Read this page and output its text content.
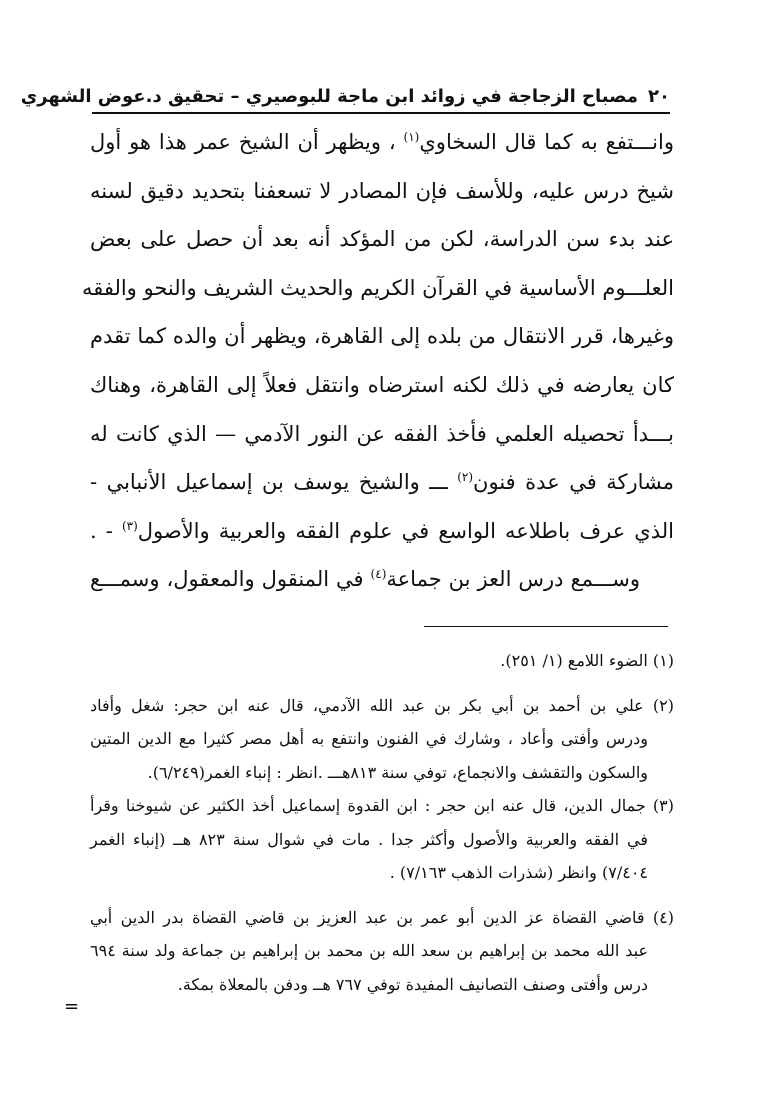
٢٠مصباح الزجاجة في زوائد ابن ماجة للبوصيري – تحقيق د.عوض الشهري
وانـــتفع به كما قال السخاوي$^{(١)}$ ، ويظهر أن الشيخ عمر هذا هو أول
شيخ درس عليه، وللأسف فإن المصادر لا تسعفنا بتحديد دقيق لسنه
عند بدء سن الدراسة، لكن من المؤكد أنه بعد أن حصل على بعض
العلـــوم الأساسية في القرآن الكريم والحديث الشريف والنحو والفقه
وغيرها، قرر الانتقال من بلده إلى القاهرة، ويظهر أن والده كما تقدم
كان يعارضه في ذلك لكنه استرضاه وانتقل فعلاً إلى القاهرة، وهناك
بـــدأ تحصيله العلمي فأخذ الفقه عن النور الآدمي — الذي كانت له
مشاركة في عدة فنون$^{(٢)}$ ـــ والشيخ يوسف بن إسماعيل الأنبابي -
الذي عرف باطلاعه الواسع في علوم الفقه والعربية والأصول$^{(٣)}$ - .
وســـمع درس العز بن جماعة$^{(٤)}$ في المنقول والمعقول، وسمـــع
(١) الضوء اللامع (١/ ٢٥١).
(٢) علي بن أحمد بن أبي بكر بن عبد الله الآدمي، قال عنه ابن حجر: شغل وأفاد
ودرس وأفتى وأعاد ، وشارك في الفنون وانتفع به أهل مصر كثيرا مع الدين المتين
والسكون والتقشف والانجماع، توفي سنة ٨١٣هـــ .انظر : إنباء الغمر(٦/٢٤٩).
(٣) جمال الدين، قال عنه ابن حجر : ابن القدوة إسماعيل أخذ الكثير عن شيوخنا وقرأ
في الفقه والعربية والأصول وأكثر جدا . مات في شوال سنة ٨٢٣ هــ (إنباء الغمر
٧/٤٠٤) وانظر (شذرات الذهب ٧/١٦٣) .
(٤) قاضي القضاة عز الدين أبو عمر بن عبد العزيز بن قاضي القضاة بدر الدين أبي
عبد الله محمد بن إبراهيم بن سعد الله بن محمد بن إبراهيم بن جماعة ولد سنة ٦٩٤
درس وأفتى وصنف التصانيف المفيدة توفي ٧٦٧ هــ ودفن بالمعلاة بمكة.
=
